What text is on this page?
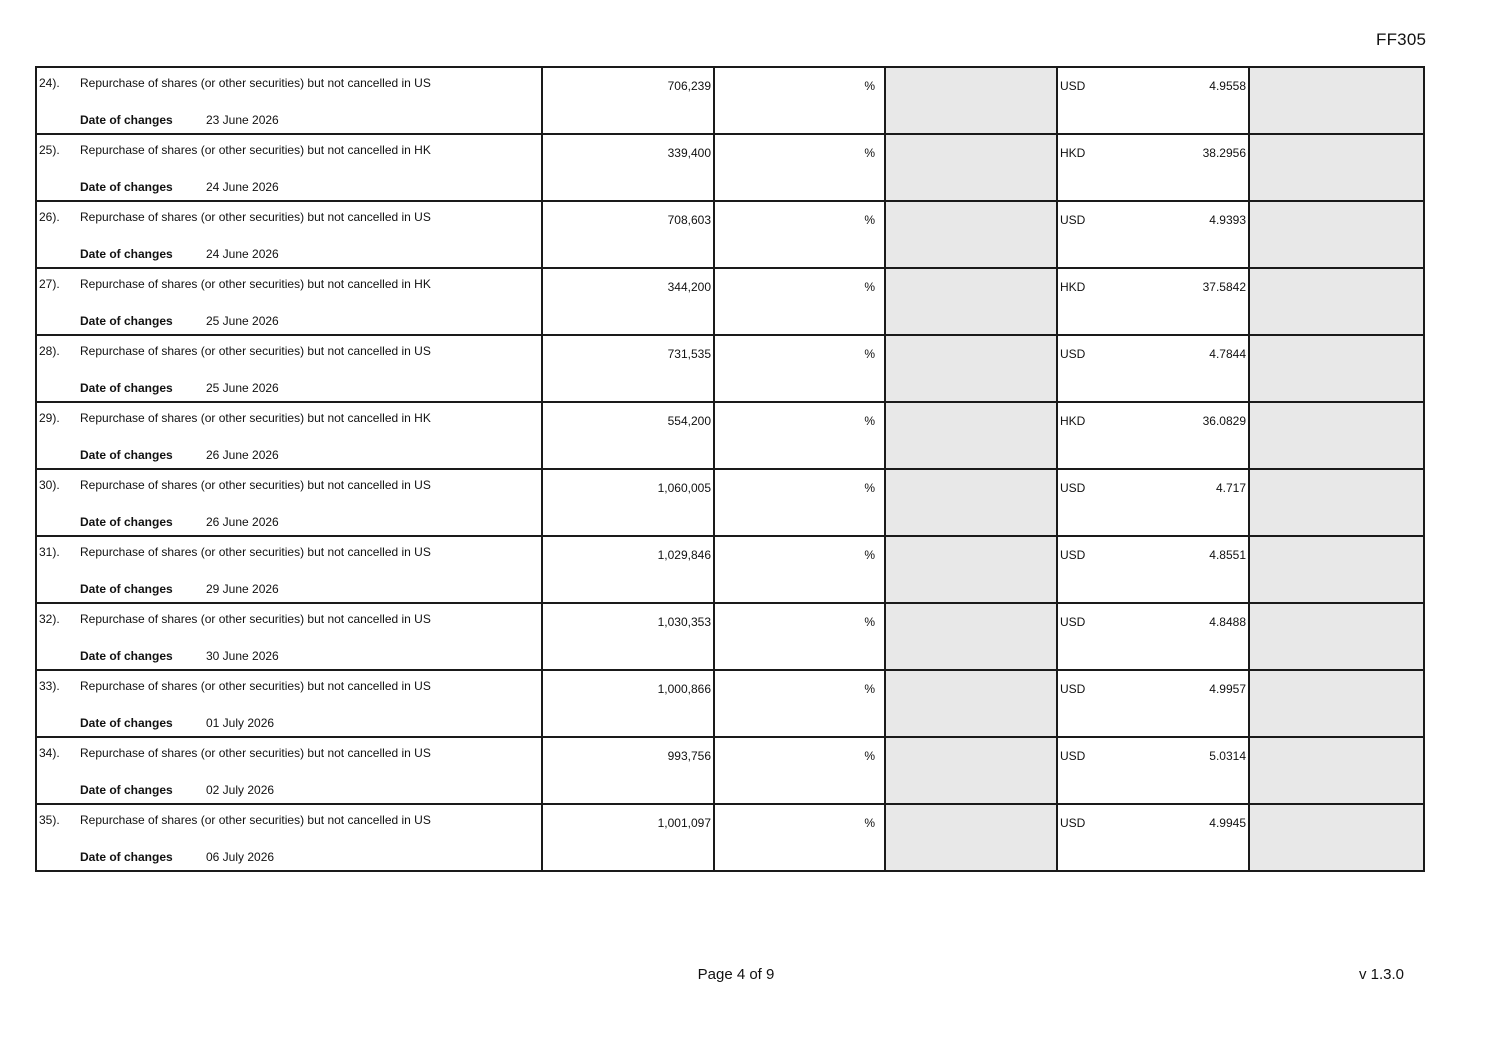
FF305
24). Repurchase of shares (or other securities) but not cancelled in US
Date of changes 23 June 2026	706,239	%		USD 4.9558	

25). Repurchase of shares (or other securities) but not cancelled in HK
Date of changes 24 June 2026	339,400	%		HKD 38.2956	

26). Repurchase of shares (or other securities) but not cancelled in US
Date of changes 24 June 2026	708,603	%		USD 4.9393	

27). Repurchase of shares (or other securities) but not cancelled in HK
Date of changes 25 June 2026	344,200	%		HKD 37.5842	

28). Repurchase of shares (or other securities) but not cancelled in US
Date of changes 25 June 2026	731,535	%		USD 4.7844	

29). Repurchase of shares (or other securities) but not cancelled in HK
Date of changes 26 June 2026	554,200	%		HKD 36.0829	

30). Repurchase of shares (or other securities) but not cancelled in US
Date of changes 26 June 2026	1,060,005	%		USD 4.717	

31). Repurchase of shares (or other securities) but not cancelled in US
Date of changes 29 June 2026	1,029,846	%		USD 4.8551	

32). Repurchase of shares (or other securities) but not cancelled in US
Date of changes 30 June 2026	1,030,353	%		USD 4.8488	

33). Repurchase of shares (or other securities) but not cancelled in US
Date of changes 01 July 2026	1,000,866	%		USD 4.9957	

34). Repurchase of shares (or other securities) but not cancelled in US
Date of changes 02 July 2026	993,756	%		USD 5.0314	

35). Repurchase of shares (or other securities) but not cancelled in US
Date of changes 06 July 2026	1,001,097	%		USD 4.9945	

Page 4 of 9	v 1.3.0
